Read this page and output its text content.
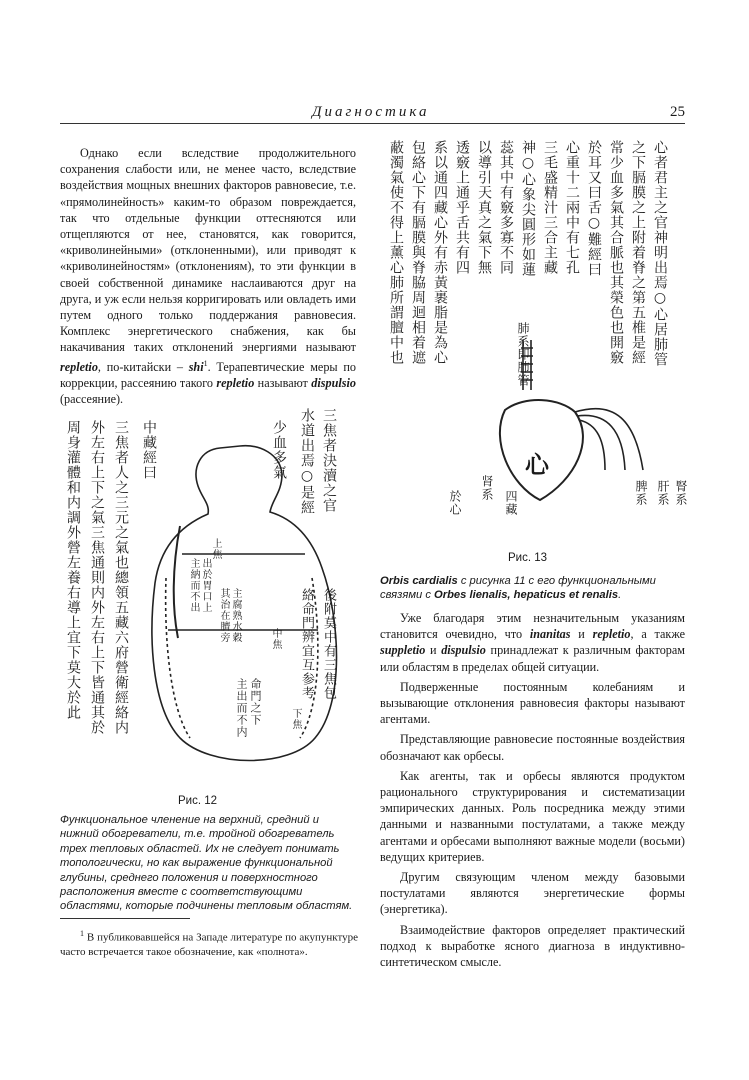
Диагностика	25

Однако если вследствие продолжительного сохранения слабости или, не менее часто, вследствие воздействия мощных внешних факторов равновесие, т.е. «прямолинейность» каким-то образом повреждается, так что отдельные функции оттесняются или отщепляются от нее, становятся, как говорится, «криволинейными» (отклоненными), или приводят к «криволинейностям» (отклонениям), то эти функции в своей собственной динамике наслаиваются друг на друга, и уж если нельзя корригировать или овладеть ими путем одного только поддержания равновесия. Комплекс энергетического снабжения, как бы накачивания таких отклонений энергиями называют repletio, по-китайски – shi$^1$. Терапевтические меры по коррекции, рассеянию такого repletio называют dispulsio (рассеяние).

周身灌體和内調外營左養右導上宜下莫大於此 外左右上下之氣三焦通則内外左右上下皆通其於 三焦者人之三元之氣也總領五藏六府營衛經絡内 中藏經曰	三焦者決瀆之官
水道出焉○是經
少血多氣
後附莫中有三焦包
絡命門辨宜互参考
上焦
中焦
下焦
出於胃口上
主納而不出
主腐熟水穀
其治在臍旁
命門之下
主出而不内
Рис. 12
Функциональное членение на верхний, средний и нижний обогреватели, т.е. тройной обогреватель трех тепловых областей. Их не следует понимать топологически, но как выражение функциональной глубины, среднего положения и поверхностного расположения вместе с соответствующими областями, которые подчинены тепловым областям.
$^1$ В публиковавшейся на Западе литературе по акупунктуре часто встречается такое обозначение, как «полнота».
心者君主之官神明出焉○心居肺管
之下膈膜之上附着脊之第五椎是經
常少血多氣其合脈也其榮色也開竅
於耳又曰舌○難經曰
心重十二兩中有七孔
三毛盛精汁三合主藏
神○心象尖圓形如蓮
蕊其中有竅多寡不同
以導引天真之氣下無
透竅上通乎舌共有四
系以通四藏心外有赤黃裹脂是為心
包絡心下有膈膜與脊脇周迴相着遮
蔽濁氣使不得上薰心肺所謂膻中也
心
肺系即肺管
脾系 肝系 腎系
四藏
肾系
於心
Рис. 13
Orbis cardialis с рисунка 11 с его функциональными связями с Orbes lienalis, hepaticus et renalis.

Уже благодаря этим незначительным указаниям становится очевидно, что inanitas и repletio, а также suppletio и dispulsio принадлежат к различным факторам или областям в пределах общей ситуации.

Подверженные постоянным колебаниям и вызывающие отклонения равновесия факторы называют агентами.

Представляющие равновесие постоянные воздействия обозначают как орбесы.

Как агенты, так и орбесы являются продуктом рационального структурирования и систематизации эмпирических данных. Роль посредника между этими данными и названными постулатами, а также между агентами и орбесами выполняют важные модели (восьми) ведущих критериев.

Другим связующим членом между базовыми постулатами являются энергетические формы (энергетика).

Взаимодействие факторов определяет практический подход к выработке ясного диагноза в индуктивно-синтетическом смысле.
